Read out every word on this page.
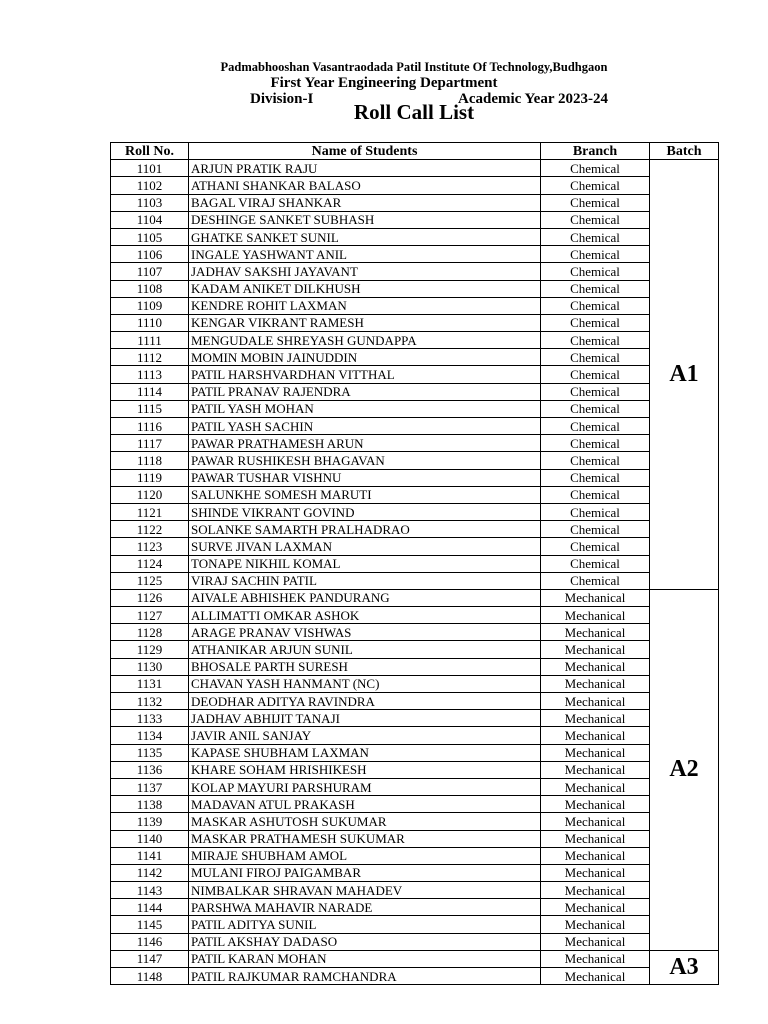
Padmabhooshan Vasantraodada Patil Institute Of Technology,Budhgaon
First Year Engineering Department
Division-I	Academic Year 2023-24
Roll Call List
Roll No.	Name of Students	Branch	Batch
1101	ARJUN PRATIK RAJU	Chemical	A1
1102	ATHANI SHANKAR BALASO	Chemical	
1103	BAGAL VIRAJ SHANKAR	Chemical	
1104	DESHINGE SANKET SUBHASH	Chemical	
1105	GHATKE SANKET SUNIL	Chemical	
1106	INGALE YASHWANT ANIL	Chemical	
1107	JADHAV SAKSHI JAYAVANT	Chemical	
1108	KADAM ANIKET DILKHUSH	Chemical	
1109	KENDRE ROHIT LAXMAN	Chemical	
1110	KENGAR VIKRANT RAMESH	Chemical	
1111	MENGUDALE SHREYASH GUNDAPPA	Chemical	
1112	MOMIN MOBIN JAINUDDIN	Chemical	
1113	PATIL HARSHVARDHAN VITTHAL	Chemical	
1114	PATIL PRANAV RAJENDRA	Chemical	
1115	PATIL YASH MOHAN	Chemical	
1116	PATIL YASH SACHIN	Chemical	
1117	PAWAR PRATHAMESH ARUN	Chemical	
1118	PAWAR RUSHIKESH BHAGAVAN	Chemical	
1119	PAWAR TUSHAR VISHNU	Chemical	
1120	SALUNKHE SOMESH MARUTI	Chemical	
1121	SHINDE VIKRANT GOVIND	Chemical	
1122	SOLANKE SAMARTH PRALHADRAO	Chemical	
1123	SURVE JIVAN LAXMAN	Chemical	
1124	TONAPE NIKHIL KOMAL	Chemical	
1125	VIRAJ SACHIN PATIL	Chemical	
1126	AIVALE ABHISHEK PANDURANG	Mechanical	A2
1127	ALLIMATTI OMKAR ASHOK	Mechanical	
1128	ARAGE PRANAV VISHWAS	Mechanical	
1129	ATHANIKAR ARJUN SUNIL	Mechanical	
1130	BHOSALE PARTH SURESH	Mechanical	
1131	CHAVAN YASH HANMANT (NC)	Mechanical	
1132	DEODHAR ADITYA RAVINDRA	Mechanical	
1133	JADHAV ABHIJIT TANAJI	Mechanical	
1134	JAVIR ANIL SANJAY	Mechanical	
1135	KAPASE SHUBHAM LAXMAN	Mechanical	
1136	KHARE SOHAM HRISHIKESH	Mechanical	
1137	KOLAP MAYURI PARSHURAM	Mechanical	
1138	MADAVAN ATUL PRAKASH	Mechanical	
1139	MASKAR ASHUTOSH SUKUMAR	Mechanical	
1140	MASKAR PRATHAMESH SUKUMAR	Mechanical	
1141	MIRAJE SHUBHAM AMOL	Mechanical	
1142	MULANI FIROJ PAIGAMBAR	Mechanical	
1143	NIMBALKAR SHRAVAN MAHADEV	Mechanical	
1144	PARSHWA MAHAVIR NARADE	Mechanical	
1145	PATIL ADITYA SUNIL	Mechanical	
1146	PATIL AKSHAY DADASO	Mechanical	
1147	PATIL KARAN MOHAN	Mechanical	A3
1148	PATIL RAJKUMAR RAMCHANDRA	Mechanical	
